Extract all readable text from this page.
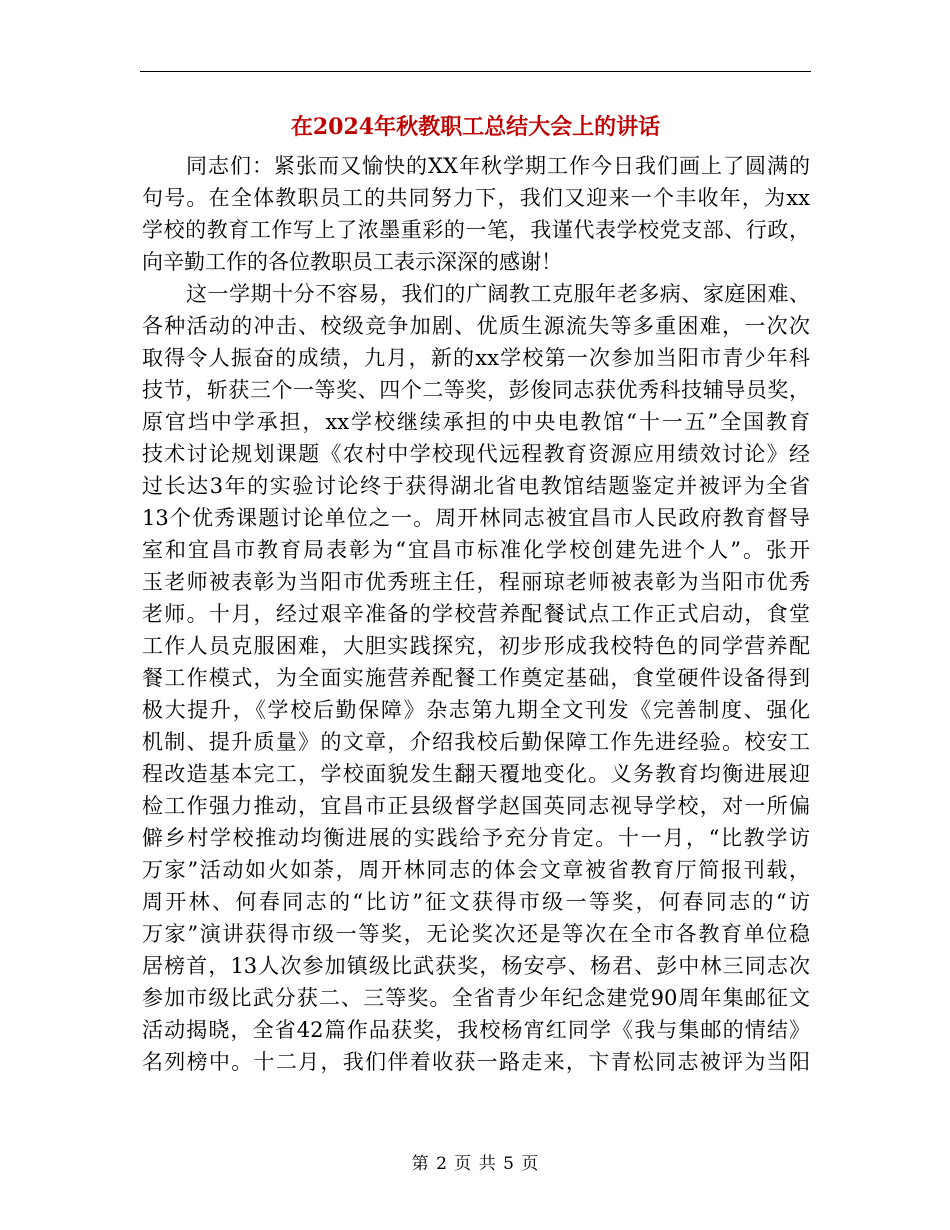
在2024年秋教职工总结大会上的讲话
同志们：紧张而又愉快的XX年秋学期工作今日我们画上了圆满的
句号。在全体教职员工的共同努力下，我们又迎来一个丰收年，为xx
学校的教育工作写上了浓墨重彩的一笔，我谨代表学校党支部、行政，
向辛勤工作的各位教职员工表示深深的感谢！
这一学期十分不容易，我们的广阔教工克服年老多病、家庭困难、
各种活动的冲击、校级竞争加剧、优质生源流失等多重困难，一次次
取得令人振奋的成绩，九月，新的xx学校第一次参加当阳市青少年科
技节，斩获三个一等奖、四个二等奖，彭俊同志获优秀科技辅导员奖，
原官垱中学承担，xx学校继续承担的中央电教馆“十一五”全国教育
技术讨论规划课题《农村中学校现代远程教育资源应用绩效讨论》经
过长达3年的实验讨论终于获得湖北省电教馆结题鉴定并被评为全省
13个优秀课题讨论单位之一。周开林同志被宜昌市人民政府教育督导
室和宜昌市教育局表彰为“宜昌市标准化学校创建先进个人”。张开
玉老师被表彰为当阳市优秀班主任，程丽琼老师被表彰为当阳市优秀
老师。十月，经过艰辛准备的学校营养配餐试点工作正式启动，食堂
工作人员克服困难，大胆实践探究，初步形成我校特色的同学营养配
餐工作模式，为全面实施营养配餐工作奠定基础，食堂硬件设备得到
极大提升，《学校后勤保障》杂志第九期全文刊发《完善制度、强化
机制、提升质量》的文章，介绍我校后勤保障工作先进经验。校安工
程改造基本完工，学校面貌发生翻天覆地变化。义务教育均衡进展迎
检工作强力推动，宜昌市正县级督学赵国英同志视导学校，对一所偏
僻乡村学校推动均衡进展的实践给予充分肯定。十一月，“比教学访
万家”活动如火如荼，周开林同志的体会文章被省教育厅简报刊载，
周开林、何春同志的“比访”征文获得市级一等奖，何春同志的“访
万家”演讲获得市级一等奖，无论奖次还是等次在全市各教育单位稳
居榜首，13人次参加镇级比武获奖，杨安亭、杨君、彭中林三同志次
参加市级比武分获二、三等奖。全省青少年纪念建党90周年集邮征文
活动揭晓，全省42篇作品获奖，我校杨宵红同学《我与集邮的情结》
名列榜中。十二月，我们伴着收获一路走来，卞青松同志被评为当阳
第 2 页 共 5 页
